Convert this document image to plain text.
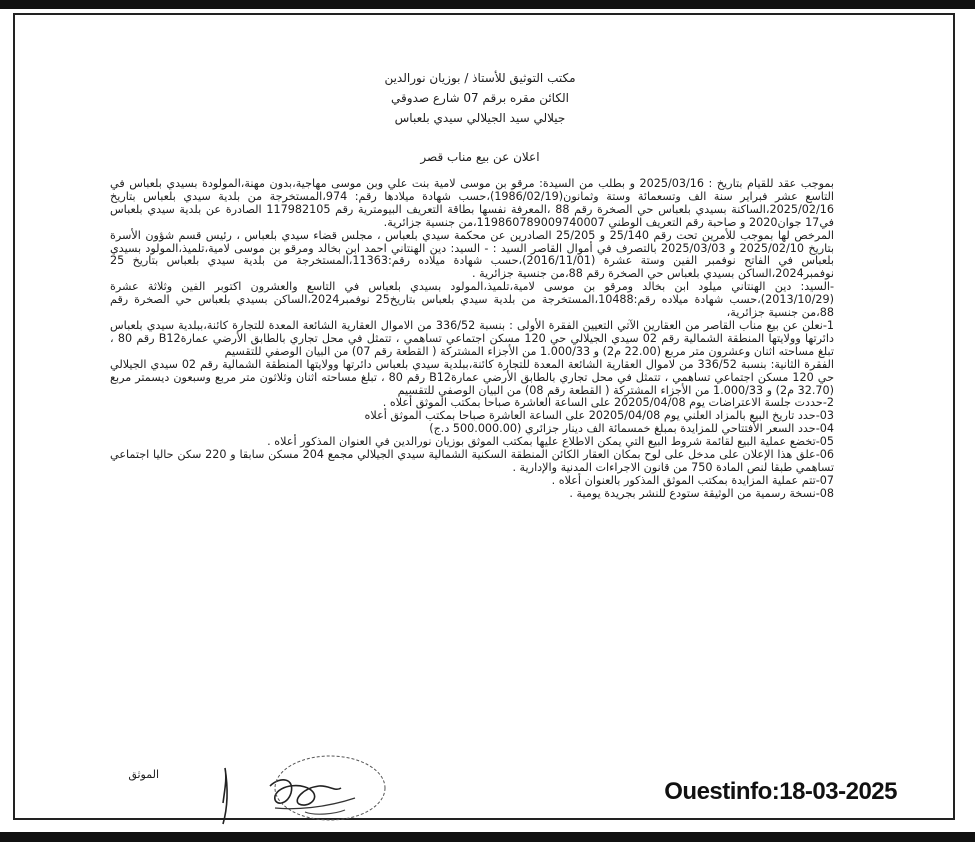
مكتب التوثيق للأستاذ / بوزيان نورالدين
الكائن مقره برقم 07 شارع صدوقي
جيلالي سيد الجيلالي سيدي بلعباس
اعلان عن بيع مناب قصر

بموجب عقد للقيام بتاريخ : 2025/03/16 و بطلب من السيدة: مرقو بن موسى لامية بنت علي وبن موسى مهاجية،بدون مهنة،المولودة بسيدي بلعباس في التاسع عشر فبراير سنة الف وتسعمائة وستة وثمانون(1986/02/19)،حسب شهادة ميلادها رقم: 974،المستخرجة من بلدية سيدي بلعباس بتاريخ 2025/02/16،الساكنة بسيدي بلعباس حي الصخرة رقم 88 ،المعرفة نفسها بطاقة التعريف البيومترية رقم 117982105 الصادرة عن بلدية سيدي بلعباس في17 جوان2020 و صاحبة رقم التعريف الوطني 119860789009740007،من جنسية جزائرية.

المرخص لها بموجب للأمرين تحت رقم 25/140 و 25/205 الصادرين عن محكمة سيدي بلعباس ، مجلس قضاء سيدي بلعباس ، رئيس قسم شؤون الأسرة بتاريخ 2025/02/10 و 2025/03/03 بالتصرف في أموال القاصر السيد : - السيد: دين الهنتاني احمد ابن بخالد ومرقو بن موسى لامية،تلميذ،المولود بسيدي بلعباس في الفاتح نوفمبر الفين وستة عشرة (2016/11/01)،حسب شهادة ميلاده رقم:11363،المستخرجة من بلدية سيدي بلعباس بتاريخ 25 نوفمبر2024،الساكن بسيدي بلعباس حي الصخرة رقم 88،من جنسية جزائرية .

-السيد: دين الهنتاني ميلود ابن بخالد ومرقو بن موسى لامية،تلميذ،المولود بسيدي بلعباس في التاسع والعشرون اكتوبر الفين وثلاثة عشرة (2013/10/29)،حسب شهادة ميلاده رقم:10488،المستخرجة من بلدية سيدي بلعباس بتاريخ25 نوفمبر2024،الساكن بسيدي بلعباس حي الصخرة رقم 88،من جنسية جزائرية،

1-نعلن عن بيع مناب القاصر من العقارين الآتي التعيين الفقرة الأولى : بنسبة 336/52 من الاموال العقارية الشائعة المعدة للتجارة كائنة،ببلدية سيدي بلعباس دائرتها وولايتها المنطقة الشمالية رقم 02 سيدي الجيلالي حي 120 مسكن اجتماعي تساهمي ، تتمثل في محل تجاري بالطابق الأرضي عمارةB12 رقم 80 ، تبلغ مساحته اثنان وعشرون متر مربع (22.00 م2) و 1.000/33 من الأجزاء المشتركة ( القطعة رقم 07) من البيان الوصفي للتقسيم

الفقرة الثانية: بنسبة 336/52 من لاموال العقارية الشائعة المعدة للتجارة كائنة،ببلدية سيدي بلعباس دائرتها وولايتها المنطقة الشمالية رقم 02 سيدي الجيلالي حي 120 مسكن اجتماعي تساهمي ، تتمثل في محل تجاري بالطابق الأرضي عمارةB12 رقم 80 ، تبلغ مساحته اثنان وثلاثون متر مربع وسبعون ديسمتر مربع (32.70 م2) و 1.000/33 من الأجزاء المشتركة ( القطعة رقم 08) من البيان الوصفي للتقسيم

2-حددت جلسة الاعتراضات يوم 20205/04/08 على الساعة العاشرة صباحا بمكتب الموثق أعلاه .

03-حدد تاريخ البيع بالمزاد العلني يوم 20205/04/08 على الساعة العاشرة صباحا بمكتب الموثق أعلاه

04-حدد السعر الأفتتاحي للمزايدة بمبلغ خمسمائة الف دينار جزائري (500.000.00 د.ج)

05-تخضع عملية البيع لقائمة شروط البيع التي يمكن الاطلاع عليها بمكتب الموثق بوزيان نورالدين في العنوان المذكور أعلاه .

06-علق هذا الإعلان على مدخل على لوح بمكان العقار الكائن المنطقة السكنية الشمالية سيدي الجيلالي مجمع 204 مسكن سابقا و 220 سكن حاليا اجتماعي تساهمي طبقا لنص المادة 750 من قانون الاجراءات المدنية والإدارية .

07-تتم عملية المزايدة بمكتب الموثق المذكور بالعنوان أعلاه .

08-نسخة رسمية من الوثيقة ستودع للنشر بجريدة يومية .

الموثق
Ouestinfo:18-03-2025
